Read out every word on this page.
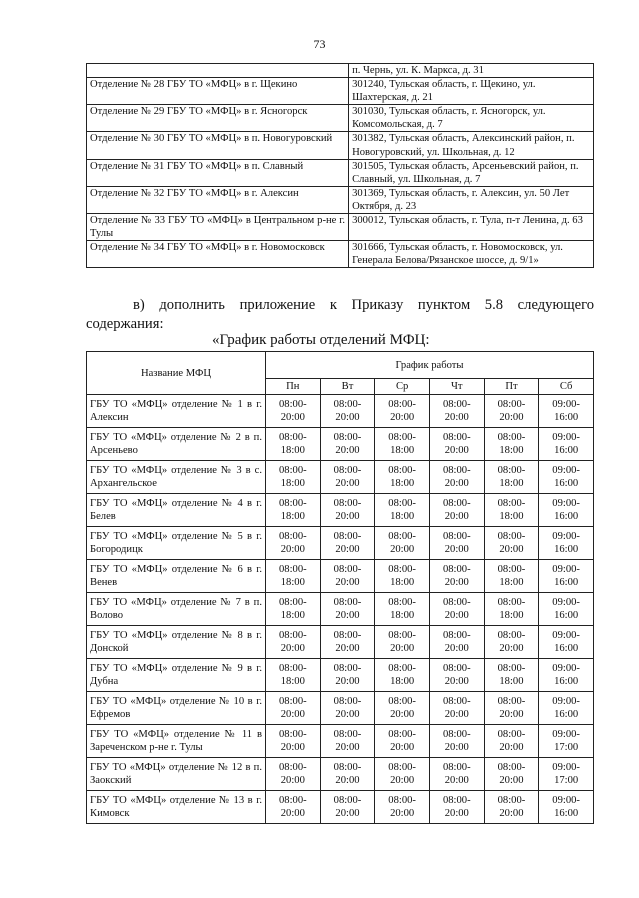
73
	п. Чернь, ул. К. Маркса, д. 31
Отделение № 28 ГБУ ТО «МФЦ» в г. Щекино	301240, Тульская область, г. Щекино, ул. Шахтерская, д. 21
Отделение № 29 ГБУ ТО «МФЦ» в г. Ясногорск	301030, Тульская область, г. Ясногорск, ул. Комсомольская, д. 7
Отделение № 30 ГБУ ТО «МФЦ» в п. Новогуровский	301382, Тульская область, Алексинский район, п. Новогуровский, ул. Школьная, д. 12
Отделение № 31 ГБУ ТО «МФЦ» в п. Славный	301505, Тульская область, Арсеньевский район, п. Славный, ул. Школьная, д. 7
Отделение № 32 ГБУ ТО «МФЦ» в г. Алексин	301369, Тульская область, г. Алексин, ул. 50 Лет Октября, д. 23
Отделение № 33 ГБУ ТО «МФЦ» в Центральном р-не г. Тулы	300012, Тульская область, г. Тула, п-т Ленина, д. 63
Отделение № 34 ГБУ ТО «МФЦ» в г. Новомосковск	301666, Тульская область, г. Новомосковск, ул. Генерала Белова/Рязанское шоссе, д. 9/1»
в) дополнить приложение к Приказу пунктом 5.8 следующего
содержания:
«График работы отделений МФЦ:
Название МФЦ	График работы					
	Пн	Вт	Ср	Чт	Пт	Сб
ГБУ ТО «МФЦ» отделение № 1 в г. Алексин	08:00-
20:00	08:00-
20:00	08:00-
20:00	08:00-
20:00	08:00-
20:00	09:00-
16:00

ГБУ ТО «МФЦ» отделение № 2 в п. Арсеньево	08:00-
18:00	08:00-
20:00	08:00-
18:00	08:00-
20:00	08:00-
18:00	09:00-
16:00

ГБУ ТО «МФЦ» отделение № 3 в с. Архангельское	08:00-
18:00	08:00-
20:00	08:00-
18:00	08:00-
20:00	08:00-
18:00	09:00-
16:00

ГБУ ТО «МФЦ» отделение № 4 в г. Белев	08:00-
18:00	08:00-
20:00	08:00-
18:00	08:00-
20:00	08:00-
18:00	09:00-
16:00

ГБУ ТО «МФЦ» отделение № 5 в г. Богородицк	08:00-
20:00	08:00-
20:00	08:00-
20:00	08:00-
20:00	08:00-
20:00	09:00-
16:00

ГБУ ТО «МФЦ» отделение № 6 в г. Венев	08:00-
18:00	08:00-
20:00	08:00-
18:00	08:00-
20:00	08:00-
18:00	09:00-
16:00

ГБУ ТО «МФЦ» отделение № 7 в п. Волово	08:00-
18:00	08:00-
20:00	08:00-
18:00	08:00-
20:00	08:00-
18:00	09:00-
16:00

ГБУ ТО «МФЦ» отделение № 8 в г. Донской	08:00-
20:00	08:00-
20:00	08:00-
20:00	08:00-
20:00	08:00-
20:00	09:00-
16:00

ГБУ ТО «МФЦ» отделение № 9 в г. Дубна	08:00-
18:00	08:00-
20:00	08:00-
18:00	08:00-
20:00	08:00-
18:00	09:00-
16:00

ГБУ ТО «МФЦ» отделение № 10 в г. Ефремов	08:00-
20:00	08:00-
20:00	08:00-
20:00	08:00-
20:00	08:00-
20:00	09:00-
16:00

ГБУ ТО «МФЦ» отделение № 11 в Зареченском р-не г. Тулы	08:00-
20:00	08:00-
20:00	08:00-
20:00	08:00-
20:00	08:00-
20:00	09:00-
17:00

ГБУ ТО «МФЦ» отделение № 12 в п. Заокский	08:00-
20:00	08:00-
20:00	08:00-
20:00	08:00-
20:00	08:00-
20:00	09:00-
17:00

ГБУ ТО «МФЦ» отделение № 13 в г. Кимовск	08:00-
20:00	08:00-
20:00	08:00-
20:00	08:00-
20:00	08:00-
20:00	09:00-
16:00
